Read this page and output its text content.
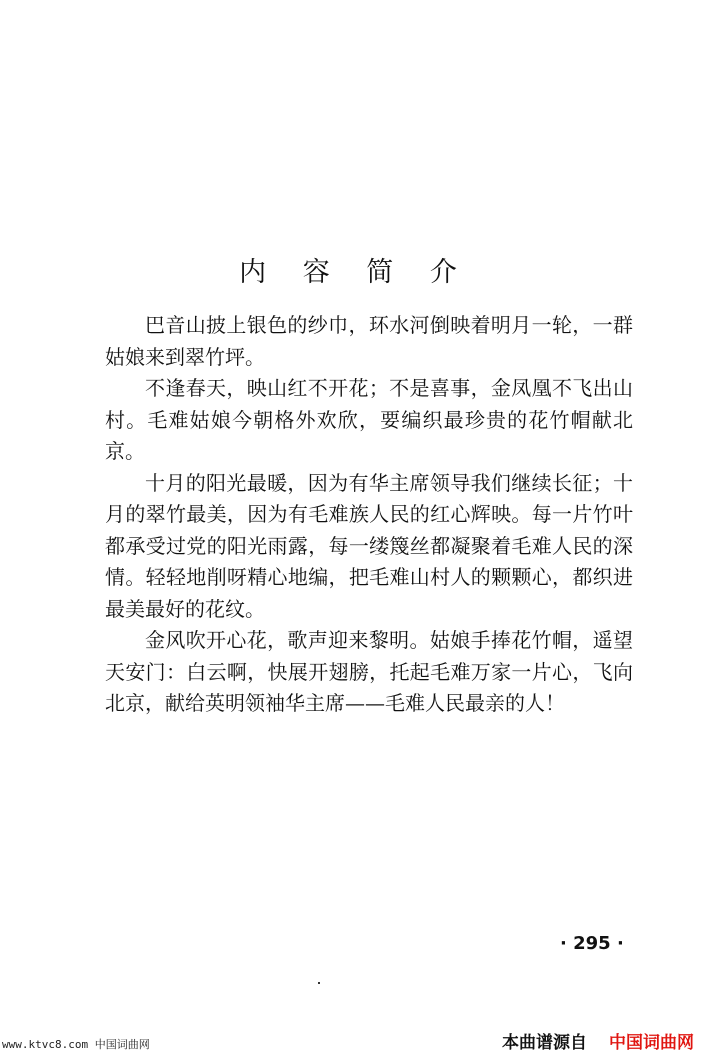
内 容 简 介

巴音山披上银色的纱巾，环水河倒映着明月一轮，一群姑娘来到翠竹坪。

不逢春天，映山红不开花；不是喜事，金凤凰不飞出山村。毛难姑娘今朝格外欢欣，要编织最珍贵的花竹帽献北京。

十月的阳光最暖，因为有华主席领导我们继续长征；十月的翠竹最美，因为有毛难族人民的红心辉映。每一片竹叶都承受过党的阳光雨露，每一缕篾丝都凝聚着毛难人民的深情。轻轻地削呀精心地编，把毛难山村人的颗颗心，都织进最美最好的花纹。

金风吹开心花，歌声迎来黎明。姑娘手捧花竹帽，遥望天安门：白云啊，快展开翅膀，托起毛难万家一片心，飞向北京，献给英明领袖华主席——毛难人民最亲的人！

· 295 ·
www.ktvc8.com 中国词曲网	本曲谱源自 中国词曲网
